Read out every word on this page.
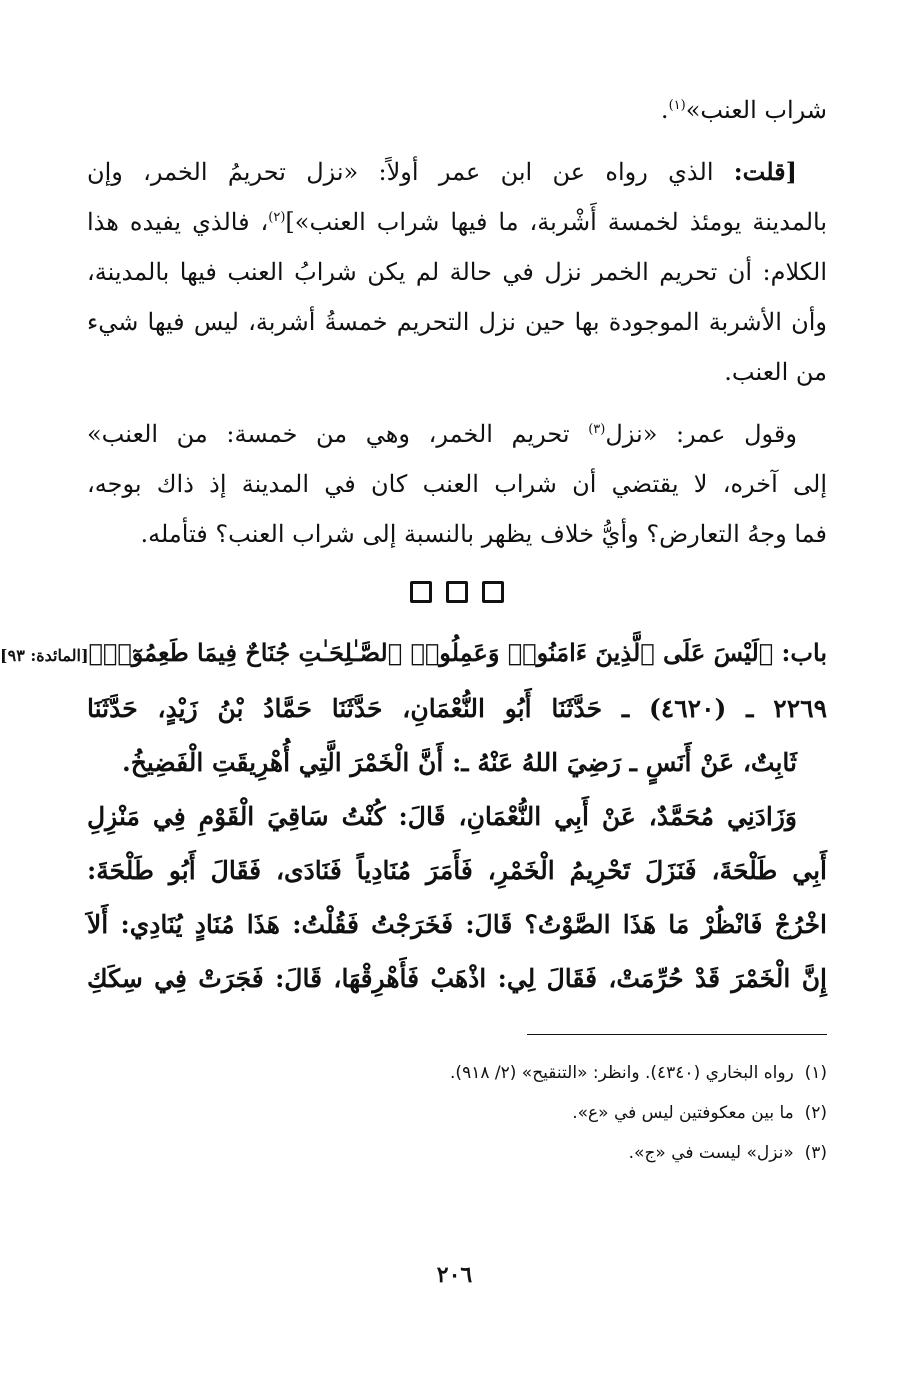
شراب العنب»$^{(١)}$.
[قلت: الذي رواه عن ابن عمر أولاً: «نزل تحريمُ الخمر، وإن
بالمدينة يومئذ لخمسة أَشْربة، ما فيها شراب العنب»]$^{(٢)}$، فالذي يفيده هذا
الكلام: أن تحريم الخمر نزل في حالة لم يكن شرابُ العنب فيها بالمدينة،
وأن الأشربة الموجودة بها حين نزل التحريم خمسةُ أشربة، ليس فيها شيء
من العنب.
وقول عمر: «نزل$^{(٣)}$ تحريم الخمر، وهي من خمسة: من العنب»
إلى آخره، لا يقتضي أن شراب العنب كان في المدينة إذ ذاك بوجه،
فما وجهُ التعارض؟ وأيُّ خلاف يظهر بالنسبة إلى شراب العنب؟ فتأمله.
باب: ﴿لَيْسَ عَلَى ٱلَّذِينَ ءَامَنُوا۟ وَعَمِلُوا۟ ٱلصَّـٰلِحَـٰتِ جُنَاحٌ فِيمَا طَعِمُوٓا۟﴾[المائدة: ٩٣]
٢٢٦٩ ـ (٤٦٢٠) ـ حَدَّثَنَا أَبُو النُّعْمَانِ، حَدَّثَنَا حَمَّادُ بْنُ زَيْدٍ، حَدَّثَنَا
ثَابِتٌ، عَنْ أَنَسٍ ـ رَضِيَ اللهُ عَنْهُ ـ: أَنَّ الْخَمْرَ الَّتِي أُهْرِيقَتِ الْفَضِيخُ.
وَزَادَنِي مُحَمَّدٌ، عَنْ أَبِي النُّعْمَانِ، قَالَ: كُنْتُ سَاقِيَ الْقَوْمِ فِي مَنْزِلِ
أَبِي طَلْحَةَ، فَنَزَلَ تَحْرِيمُ الْخَمْرِ، فَأَمَرَ مُنَادِياً فَنَادَى، فَقَالَ أَبُو طَلْحَةَ:
اخْرُجْ فَانْظُرْ مَا هَذَا الصَّوْتُ؟ قَالَ: فَخَرَجْتُ فَقُلْتُ: هَذَا مُنَادٍ يُنَادِي: أَلاَ
إِنَّ الْخَمْرَ قَدْ حُرِّمَتْ، فَقَالَ لِي: اذْهَبْ فَأَهْرِقْهَا، قَالَ: فَجَرَتْ فِي سِكَكِ
(١)  رواه البخاري (٤٣٤٠). وانظر: «التنقيح» (٢/ ٩١٨).
(٢)  ما بين معكوفتين ليس في «ع».
(٣)  «نزل» ليست في «ج».
٢٠٦
